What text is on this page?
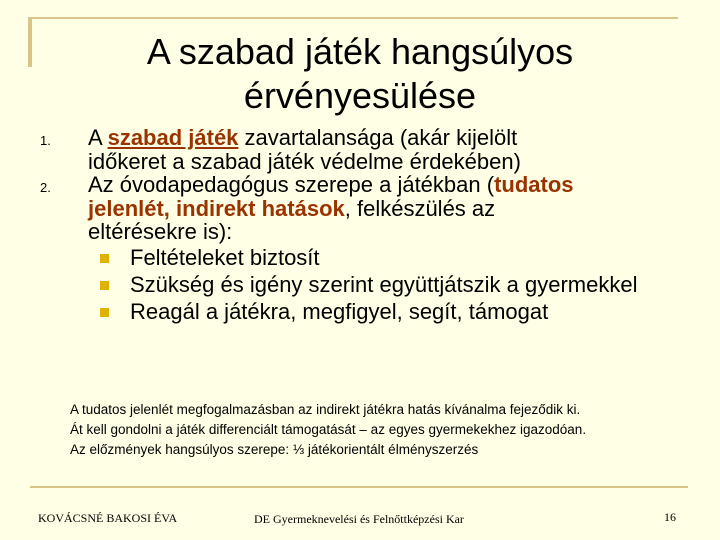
A szabad játék hangsúlyos
érvényesülése
1. A szabad játék zavartalansága (akár kijelölt
időkeret a szabad játék védelme érdekében)
2. Az óvodapedagógus szerepe a játékban (tudatos
jelenlét, indirekt hatások, felkészülés az
eltérésekre is):
Feltételeket biztosít
Szükség és igény szerint együttjátszik a gyermekkel
Reagál a játékra, megfigyel, segít, támogat
A tudatos jelenlét megfogalmazásban az indirekt játékra hatás kívánalma fejeződik ki.
Át kell gondolni a játék differenciált támogatását – az egyes gyermekekhez igazodóan.
Az előzmények hangsúlyos szerepe: ⅓ játékorientált élményszerzés
KOVÁCSNÉ BAKOSI ÉVA	DE Gyermeknevelési és Felnőttképzési Kar	16
